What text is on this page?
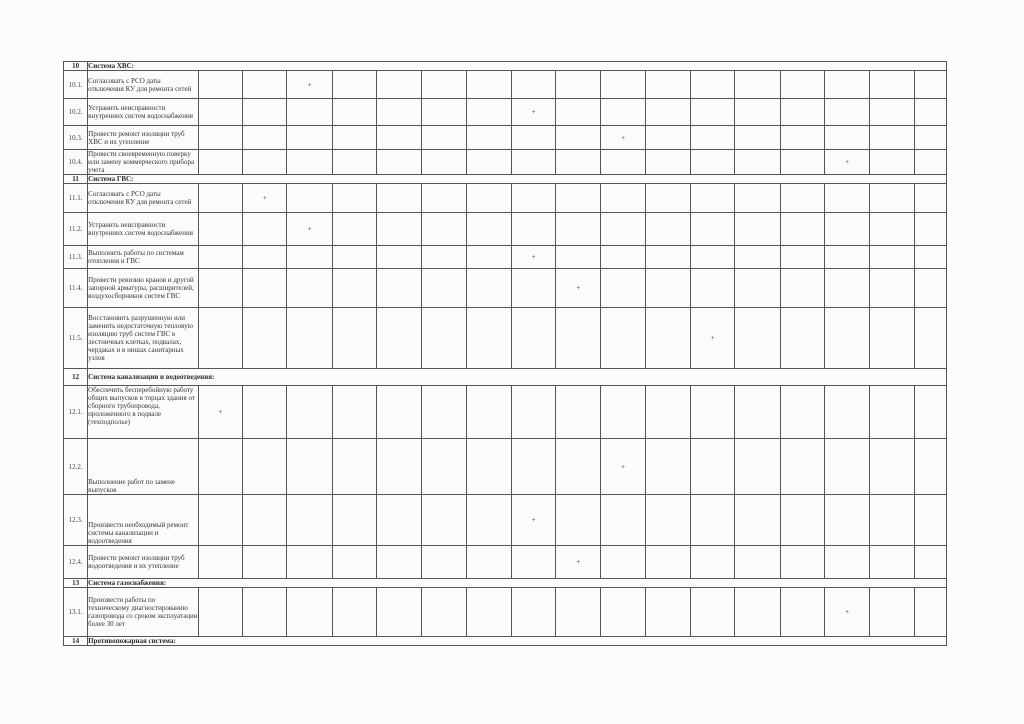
10	Система ХВС:																	
10.1.	Согласовать с РСО даты отключения КУ для ремонта сетей			+														
10.2.	Устранить неисправности внутренних систем водоснабжения								+									
10.3.	Провести ремонт изоляции труб ХВС и их утепление										+							
10.4.	Провести своевременную поверку или замену коммерческого прибора учета															+		
11	Система ГВС:																	
11.1.	Согласовать с РСО даты отключения КУ для ремонта сетей		+															
11.2.	Устранить неисправности внутренних систем водоснабжения			+														
11.3.	Выполнить работы по системам отопления и ГВС								+									
11.4.	Провести ревизию кранов и другой запорной арматуры, расширителей, воздухосборников систем ГВС									+								
11.5.	Восстановить разрушенную или заменить недостаточную тепловую изоляцию труб систем ГВС в лестничных клетках, подвалах, чердаках и в нишах санитарных узлов												+					
12	Система канализации и водоотведения:																	
12.1.	Обеспечить бесперебойную работу общих выпусков в торцах здания от сборного трубопровода, проложенного в подвале (техподполье)	+																
12.2.	Выполнение работ по замене выпусков										+							
12.3.	Произвести необходимый ремонт системы канализации и водоотведения								+									
12.4.	Провести ремонт изоляции труб водоотведения и их утепление									+								
13	Система газоснабжения:																	
13.1.	Произвести работы по техническому диагностированию газопровода со сроком эксплуатации более 30 лет															+		
14	Противопожарная система:																	
